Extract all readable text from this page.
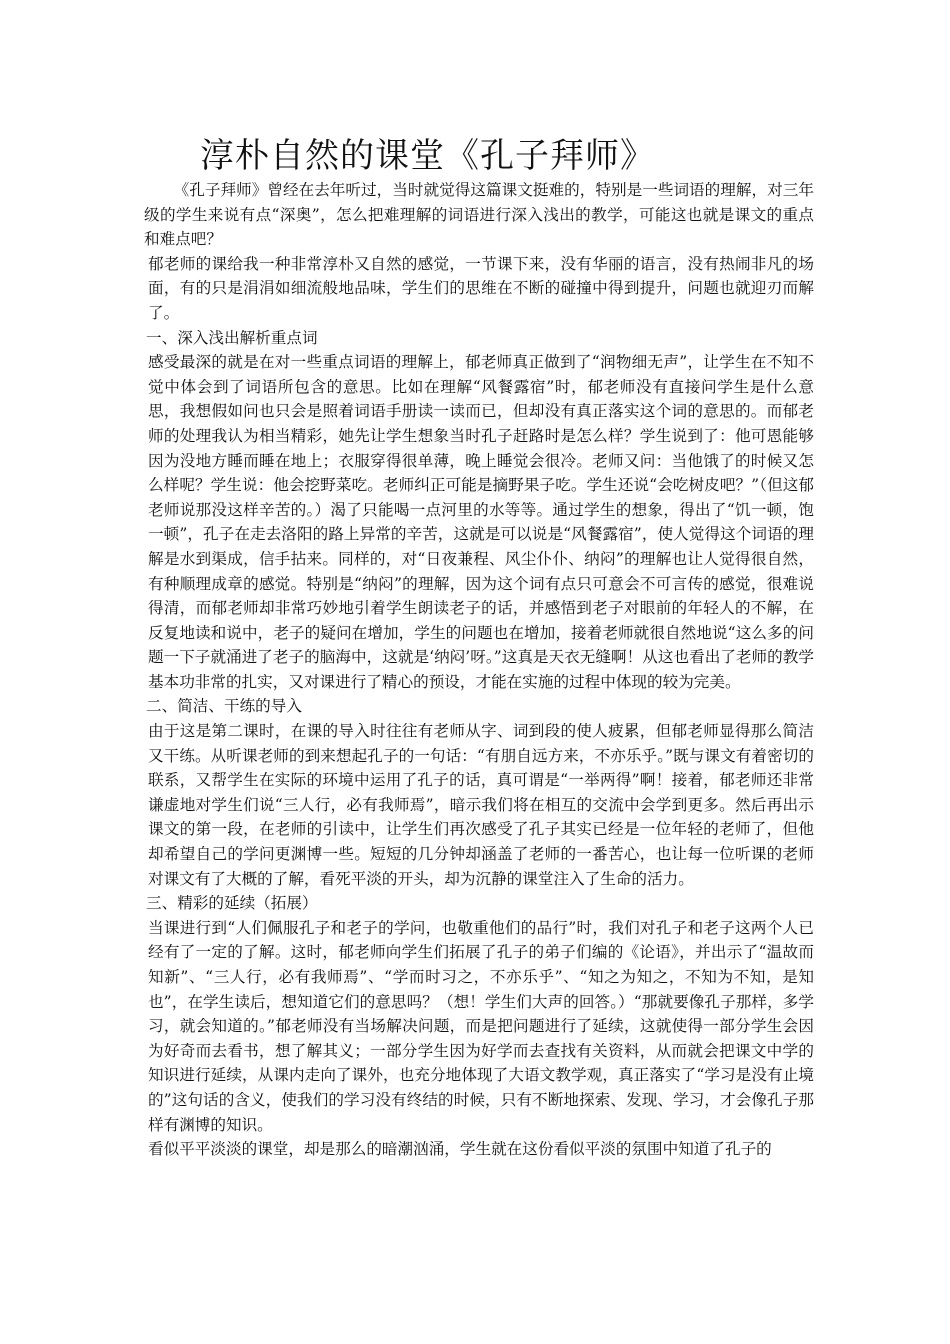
淳朴自然的课堂《孔子拜师》

《孔子拜师》曾经在去年听过，当时就觉得这篇课文挺难的，特别是一些词语的理解，对三年级的学生来说有点“深奥”，怎么把难理解的词语进行深入浅出的教学，可能这也就是课文的重点和难点吧？

郁老师的课给我一种非常淳朴又自然的感觉，一节课下来，没有华丽的语言，没有热闹非凡的场面，有的只是涓涓如细流般地品味，学生们的思维在不断的碰撞中得到提升，问题也就迎刃而解了。

一、深入浅出解析重点词

感受最深的就是在对一些重点词语的理解上，郁老师真正做到了“润物细无声”，让学生在不知不觉中体会到了词语所包含的意思。比如在理解“风餐露宿”时，郁老师没有直接问学生是什么意思，我想假如问也只会是照着词语手册读一读而已，但却没有真正落实这个词的意思的。而郁老师的处理我认为相当精彩，她先让学生想象当时孔子赶路时是怎么样？学生说到了：他可恩能够因为没地方睡而睡在地上；衣服穿得很单薄，晚上睡觉会很冷。老师又问：当他饿了的时候又怎么样呢？学生说：他会挖野菜吃。老师纠正可能是摘野果子吃。学生还说“会吃树皮吧？”（但这郁老师说那没这样辛苦的。）渴了只能喝一点河里的水等等。通过学生的想象，得出了“饥一顿，饱一顿”，孔子在走去洛阳的路上异常的辛苦，这就是可以说是“风餐露宿”，使人觉得这个词语的理解是水到渠成，信手拈来。同样的，对“日夜兼程、风尘仆仆、纳闷”的理解也让人觉得很自然，有种顺理成章的感觉。特别是“纳闷”的理解，因为这个词有点只可意会不可言传的感觉，很难说得清，而郁老师却非常巧妙地引着学生朗读老子的话，并感悟到老子对眼前的年轻人的不解，在反复地读和说中，老子的疑问在增加，学生的问题也在增加，接着老师就很自然地说“这么多的问题一下子就涌进了老子的脑海中，这就是‘纳闷’呀。”这真是天衣无缝啊！从这也看出了老师的教学基本功非常的扎实，又对课进行了精心的预设，才能在实施的过程中体现的较为完美。

二、简洁、干练的导入

由于这是第二课时，在课的导入时往往有老师从字、词到段的使人疲累，但郁老师显得那么简洁又干练。从听课老师的到来想起孔子的一句话：“有朋自远方来，不亦乐乎。”既与课文有着密切的联系，又帮学生在实际的环境中运用了孔子的话，真可谓是“一举两得”啊！接着，郁老师还非常谦虚地对学生们说“三人行，必有我师焉”，暗示我们将在相互的交流中会学到更多。然后再出示课文的第一段，在老师的引读中，让学生们再次感受了孔子其实已经是一位年轻的老师了，但他却希望自己的学问更渊博一些。短短的几分钟却涵盖了老师的一番苦心，也让每一位听课的老师对课文有了大概的了解，看死平淡的开头，却为沉静的课堂注入了生命的活力。

三、精彩的延续（拓展）

当课进行到“人们佩服孔子和老子的学问，也敬重他们的品行”时，我们对孔子和老子这两个人已经有了一定的了解。这时，郁老师向学生们拓展了孔子的弟子们编的《论语》，并出示了“温故而知新”、“三人行，必有我师焉”、“学而时习之，不亦乐乎”、“知之为知之，不知为不知，是知也”，在学生读后，想知道它们的意思吗？（想！学生们大声的回答。）“那就要像孔子那样，多学习，就会知道的。”郁老师没有当场解决问题，而是把问题进行了延续，这就使得一部分学生会因为好奇而去看书，想了解其义；一部分学生因为好学而去查找有关资料，从而就会把课文中学的知识进行延续，从课内走向了课外，也充分地体现了大语文教学观，真正落实了“学习是没有止境的”这句话的含义，使我们的学习没有终结的时候，只有不断地探索、发现、学习，才会像孔子那样有渊博的知识。

看似平平淡淡的课堂，却是那么的暗潮汹涌，学生就在这份看似平淡的氛围中知道了孔子的
